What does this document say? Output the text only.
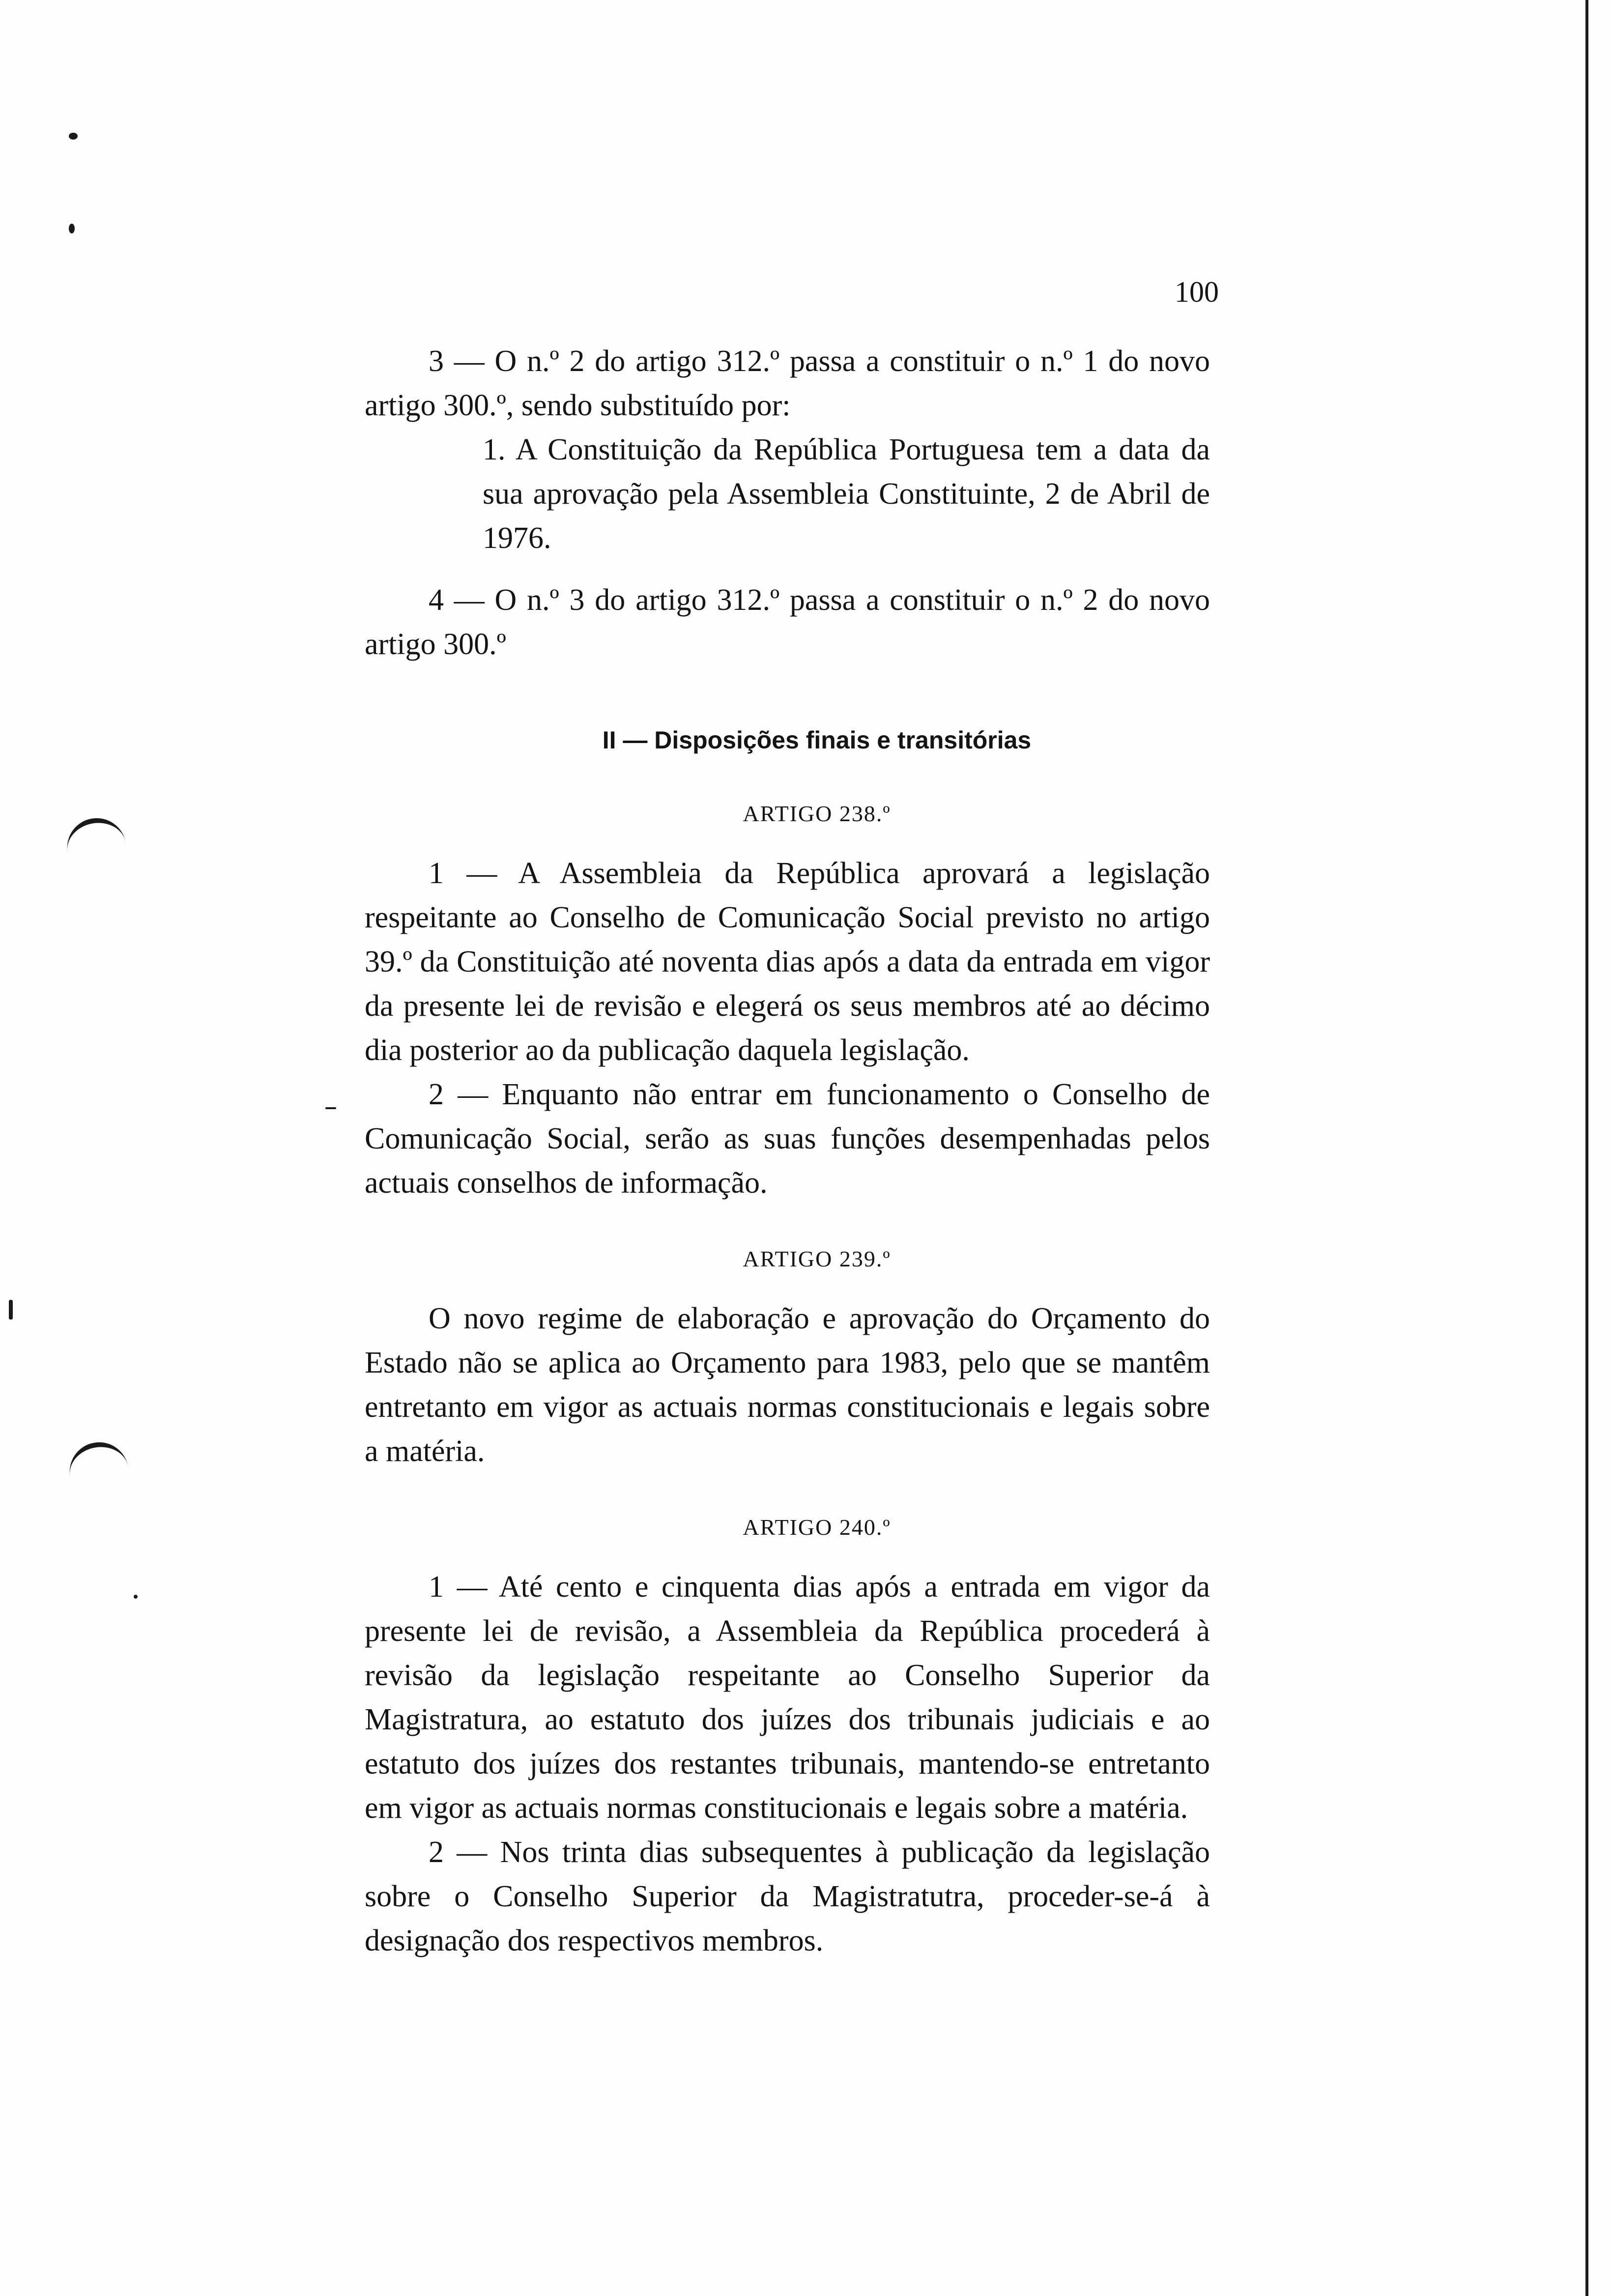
100

3 — O n.º 2 do artigo 312.º passa a constituir o n.º 1 do novo artigo 300.º, sendo substituído por:

1. A Constituição da República Portuguesa tem a data da sua aprovação pela Assembleia Constituinte, 2 de Abril de 1976.

4 — O n.º 3 do artigo 312.º passa a constituir o n.º 2 do novo artigo 300.º

II — Disposições finais e transitórias

ARTIGO 238.º

1 — A Assembleia da República aprovará a legislação respeitante ao Conselho de Comunicação Social previsto no artigo 39.º da Constituição até noventa dias após a data da entrada em vigor da presente lei de revisão e elegerá os seus membros até ao décimo dia posterior ao da publicação daquela legislação.

2 — Enquanto não entrar em funcionamento o Conselho de Comunicação Social, serão as suas funções desempenhadas pelos actuais conselhos de informação.

ARTIGO 239.º

O novo regime de elaboração e aprovação do Orçamento do Estado não se aplica ao Orçamento para 1983, pelo que se mantêm entretanto em vigor as actuais normas constitucionais e legais sobre a matéria.

ARTIGO 240.º

1 — Até cento e cinquenta dias após a entrada em vigor da presente lei de revisão, a Assembleia da República procederá à revisão da legislação respeitante ao Conselho Superior da Magistratura, ao estatuto dos juízes dos tribunais judiciais e ao estatuto dos juízes dos restantes tribunais, mantendo-se entretanto em vigor as actuais normas constitucionais e legais sobre a matéria.

2 — Nos trinta dias subsequentes à publicação da legislação sobre o Conselho Superior da Magistratutra, proceder-se-á à designação dos respectivos membros.
